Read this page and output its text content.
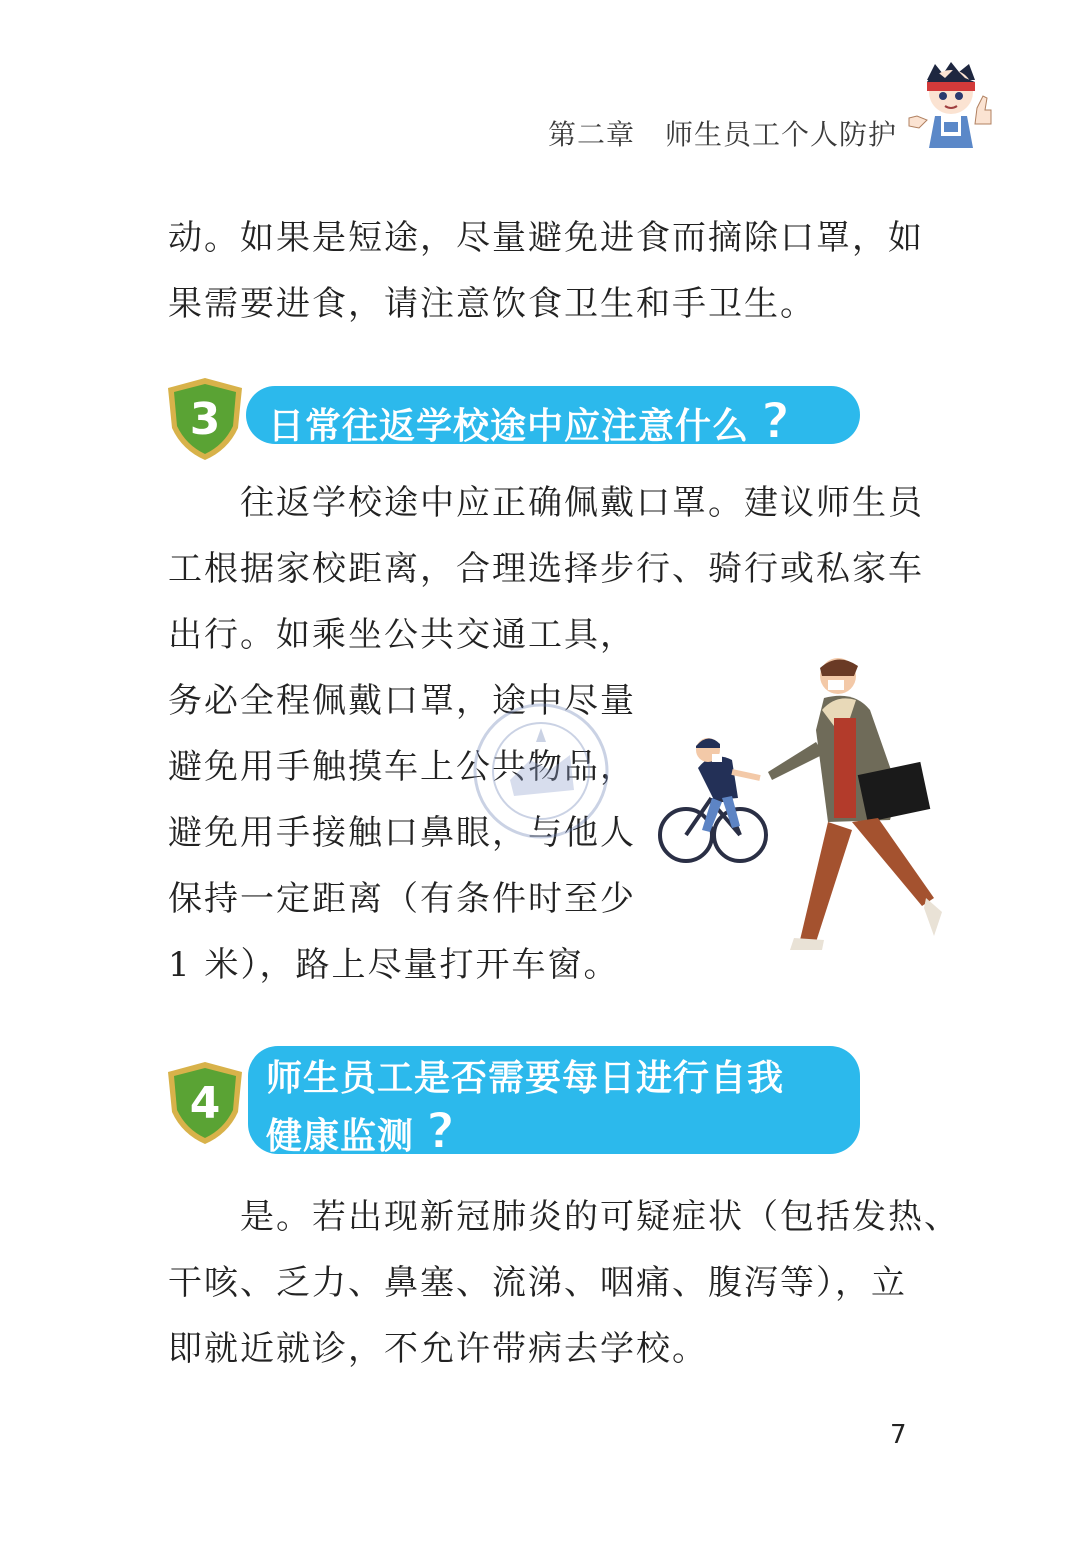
第二章 师生员工个人防护
动。如果是短途，尽量避免进食而摘除口罩，如
果需要进食，请注意饮食卫生和手卫生。
3 日常往返学校途中应注意什么 ?
往返学校途中应正确佩戴口罩。建议师生员
工根据家校距离，合理选择步行、骑行或私家车
出行。如乘坐公共交通工具，
务必全程佩戴口罩，途中尽量
避免用手触摸车上公共物品，
避免用手接触口鼻眼，与他人
保持一定距离（有条件时至少
1 米），路上尽量打开车窗。
4 师生员工是否需要每日进行自我
健康监测 ?
是。若出现新冠肺炎的可疑症状（包括发热、
干咳、乏力、鼻塞、流涕、咽痛、腹泻等），立
即就近就诊，不允许带病去学校。
7
